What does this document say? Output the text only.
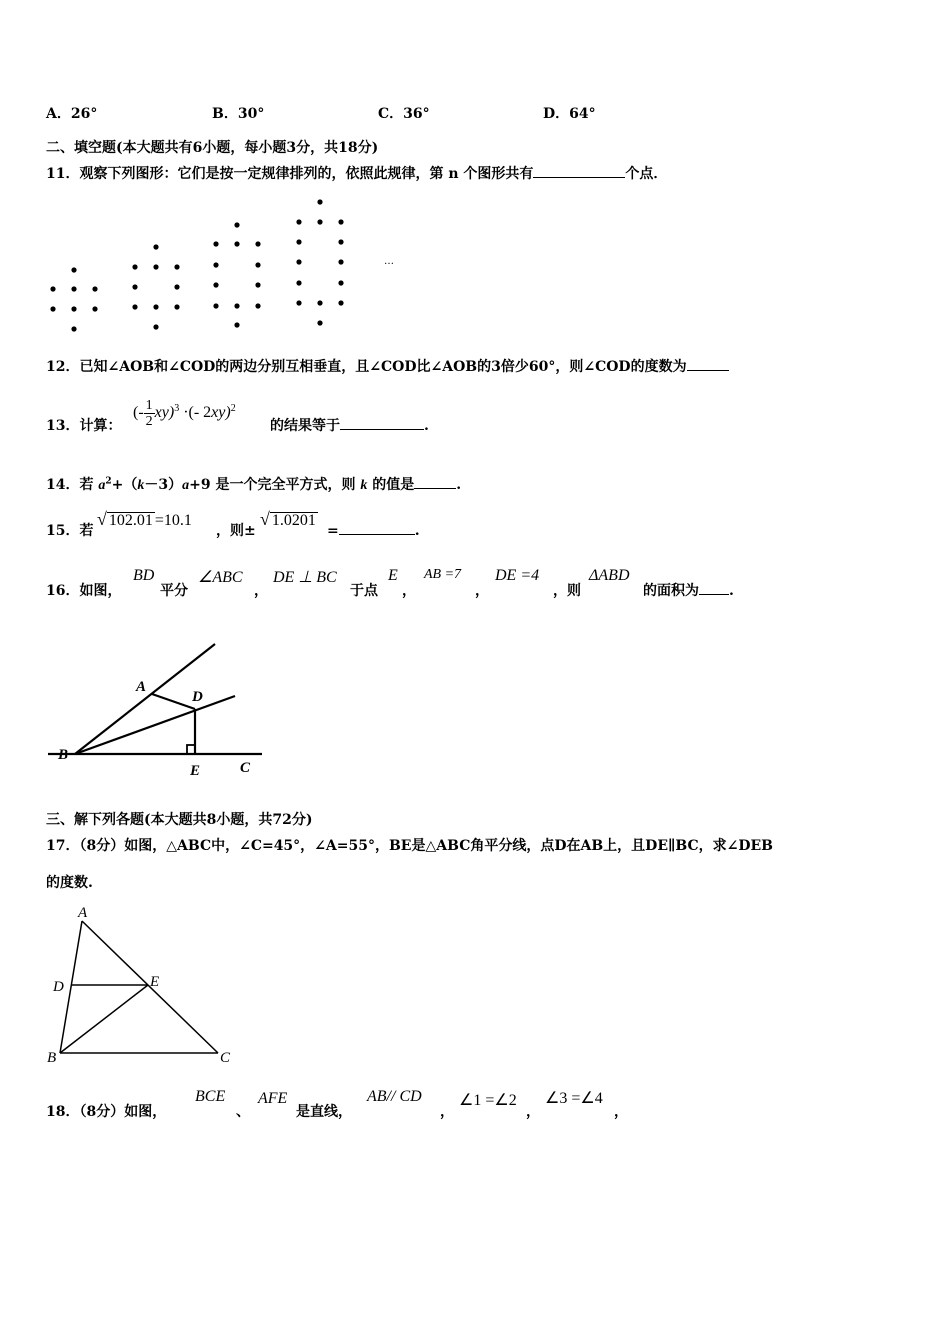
A．26°	B．30°	C．36°	D．64°
二、填空题(本大题共有6小题，每小题3分，共18分)
11．观察下列图形：它们是按一定规律排列的，依照此规律，第 n 个图形共有	个点．
…
12．已知∠AOB和∠COD的两边分别互相垂直，且∠COD比∠AOB的3倍少60°，则∠COD的度数为
13．计算：
(- $\frac{1}{2} xy)^3$ ·(- 2xy)$^2$
的结果等于	.
14．若 $a^2+(k-3)a+9$ 是一个完全平方式，则 k 的值是	.
15．若
√ 102.01 =10.1
，则±
√ 1.0201
=	.
16．如图，
BD
平分
∠ABC
，
DE ⊥ BC
于点
E
，
AB =7
，
DE =4
，则
ΔABD
的面积为 .
A
D
B
E	C
三、解下列各题(本大题共8小题，共72分)
17．（8分）如图，△ABC中，∠C=45°，∠A=55°，BE是△ABC角平分线，点D在AB上，且DE∥BC，求∠DEB
的度数.
A
D	E
B	C
18．（8分）如图，
BCE
、
AFE
是直线，
AB// CD
，
∠1 =∠2
，
∠3 =∠4
，
